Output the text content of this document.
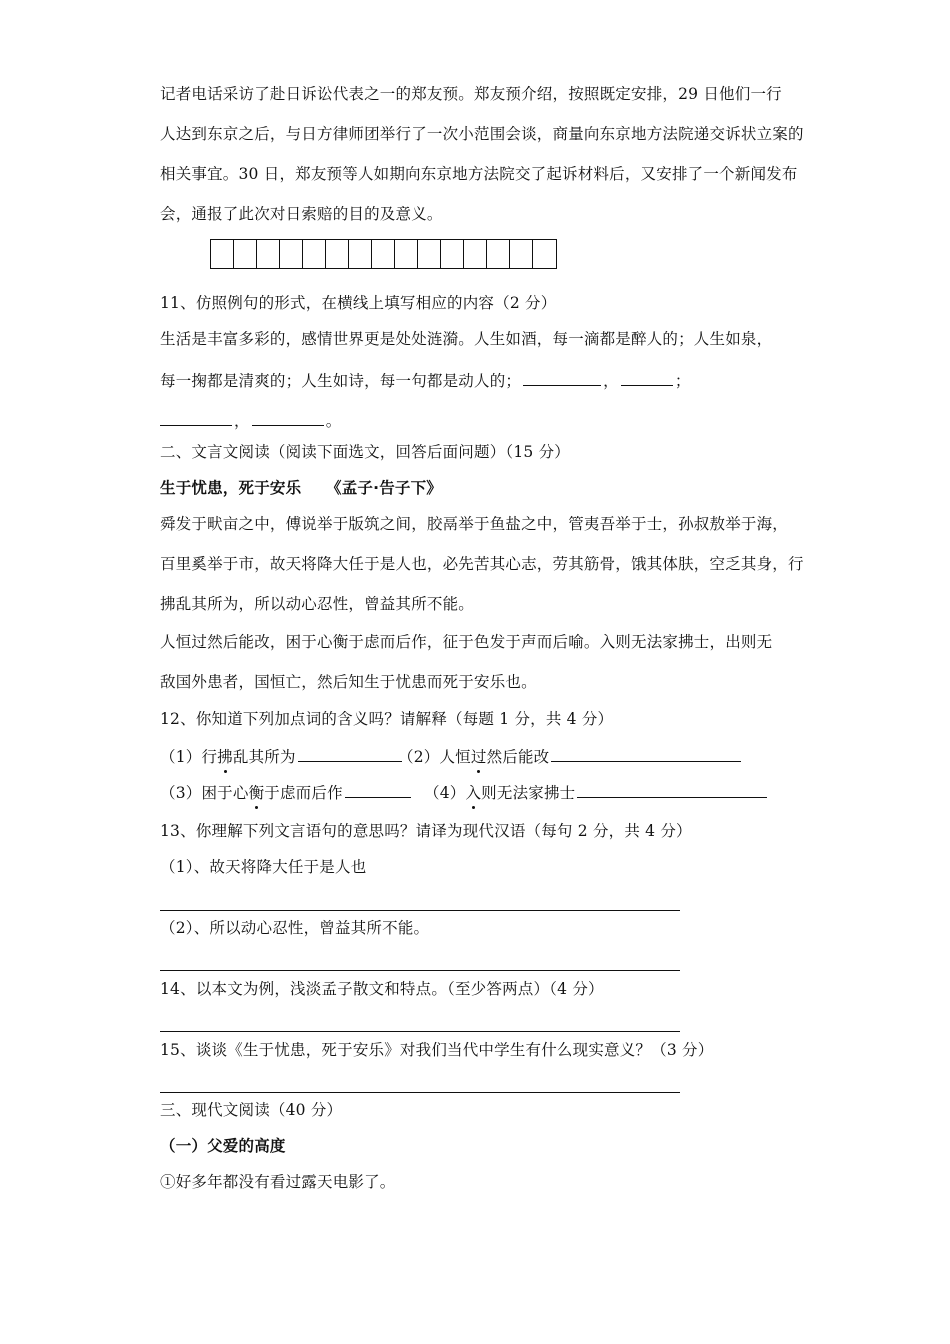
记者电话采访了赴日诉讼代表之一的郑友预。郑友预介绍，按照既定安排，29 日他们一行
人达到东京之后，与日方律师团举行了一次小范围会谈，商量向东京地方法院递交诉状立案的
相关事宜。30 日，郑友预等人如期向东京地方法院交了起诉材料后，又安排了一个新闻发布
会，通报了此次对日索赔的目的及意义。
11、仿照例句的形式，在横线上填写相应的内容（2 分）
生活是丰富多彩的，感情世界更是处处涟漪。人生如酒，每一滴都是醉人的；人生如泉，
每一掬都是清爽的；人生如诗，每一句都是动人的；	，	；
，	。
二、文言文阅读（阅读下面选文，回答后面问题）（15 分）
生于忧患，死于安乐 《孟子·告子下》
舜发于畎亩之中，傅说举于版筑之间，胶鬲举于鱼盐之中，管夷吾举于士，孙叔敖举于海，
百里奚举于市，故天将降大任于是人也，必先苦其心志，劳其筋骨，饿其体肤，空乏其身，行
拂乱其所为，所以动心忍性，曾益其所不能。
人恒过然后能改，困于心衡于虑而后作，征于色发于声而后喻。入则无法家拂士，出则无
敌国外患者，国恒亡，然后知生于忧患而死于安乐也。
12、你知道下列加点词的含义吗？请解释（每题 1 分，共 4 分）
（1）行拂乱其所为	（2）人恒过然后能改
（3）困于心衡于虑而后作	（4）入则无法家拂士
13、你理解下列文言语句的意思吗？请译为现代汉语（每句 2 分，共 4 分）
（1）、故天将降大任于是人也
（2）、所以动心忍性，曾益其所不能。
14、以本文为例，浅淡孟子散文和特点。（至少答两点）（4 分）
15、谈谈《生于忧患，死于安乐》对我们当代中学生有什么现实意义？（3 分）
三、现代文阅读（40 分）
（一）父爱的高度
①好多年都没有看过露天电影了。
